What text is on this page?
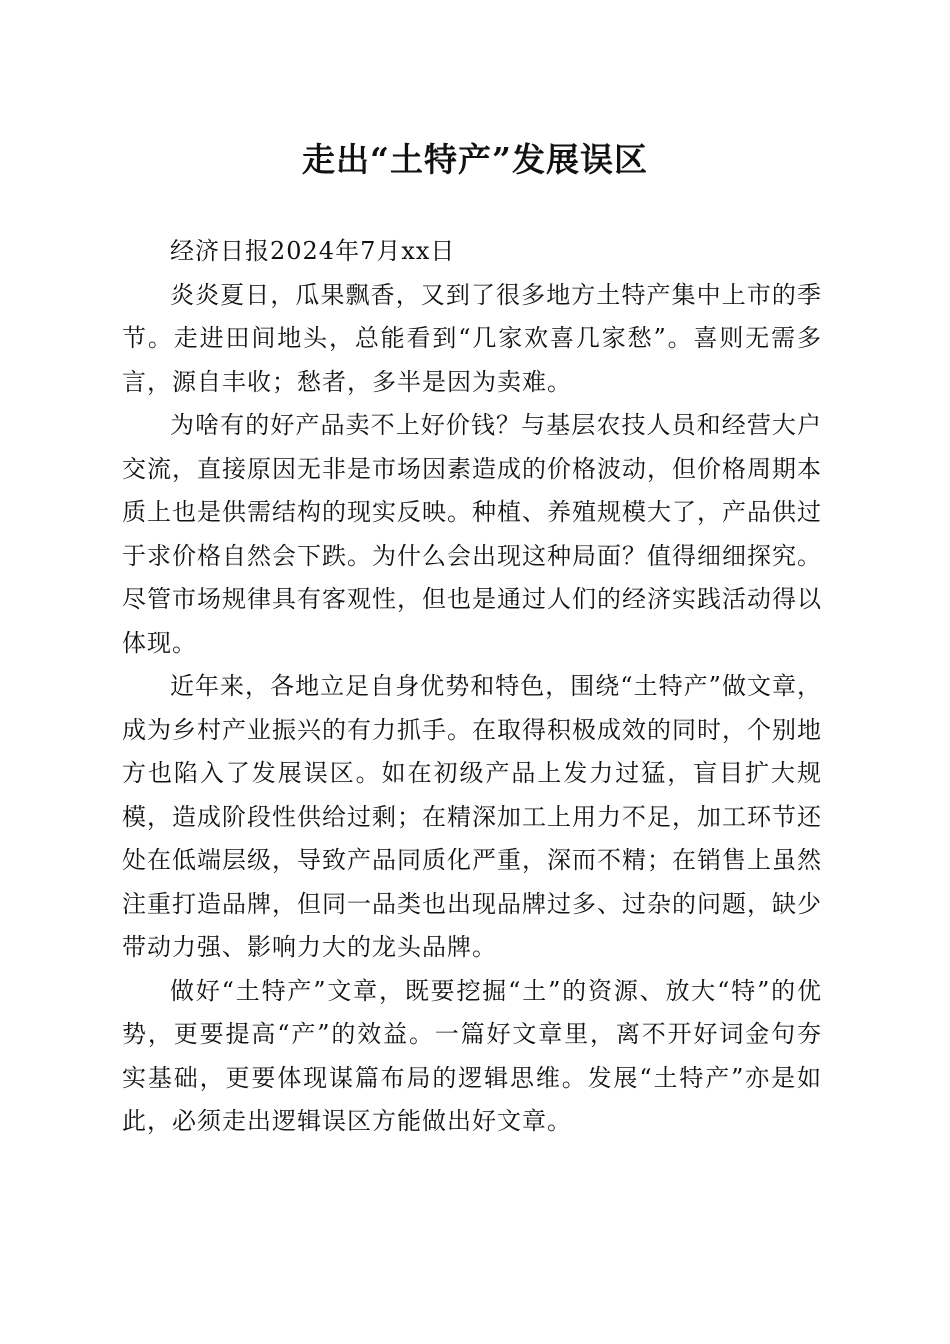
走出“土特产”发展误区

经济日报2024年7月xx日

炎炎夏日，瓜果飘香，又到了很多地方土特产集中上市的季节。走进田间地头，总能看到“几家欢喜几家愁”。喜则无需多言，源自丰收；愁者，多半是因为卖难。

为啥有的好产品卖不上好价钱？与基层农技人员和经营大户交流，直接原因无非是市场因素造成的价格波动，但价格周期本质上也是供需结构的现实反映。种植、养殖规模大了，产品供过于求价格自然会下跌。为什么会出现这种局面？值得细细探究。尽管市场规律具有客观性，但也是通过人们的经济实践活动得以体现。

近年来，各地立足自身优势和特色，围绕“土特产”做文章，成为乡村产业振兴的有力抓手。在取得积极成效的同时，个别地方也陷入了发展误区。如在初级产品上发力过猛，盲目扩大规模，造成阶段性供给过剩；在精深加工上用力不足，加工环节还处在低端层级，导致产品同质化严重，深而不精；在销售上虽然注重打造品牌，但同一品类也出现品牌过多、过杂的问题，缺少带动力强、影响力大的龙头品牌。

做好“土特产”文章，既要挖掘“土”的资源、放大“特”的优势，更要提高“产”的效益。一篇好文章里，离不开好词金句夯实基础，更要体现谋篇布局的逻辑思维。发展“土特产”亦是如此，必须走出逻辑误区方能做出好文章。
